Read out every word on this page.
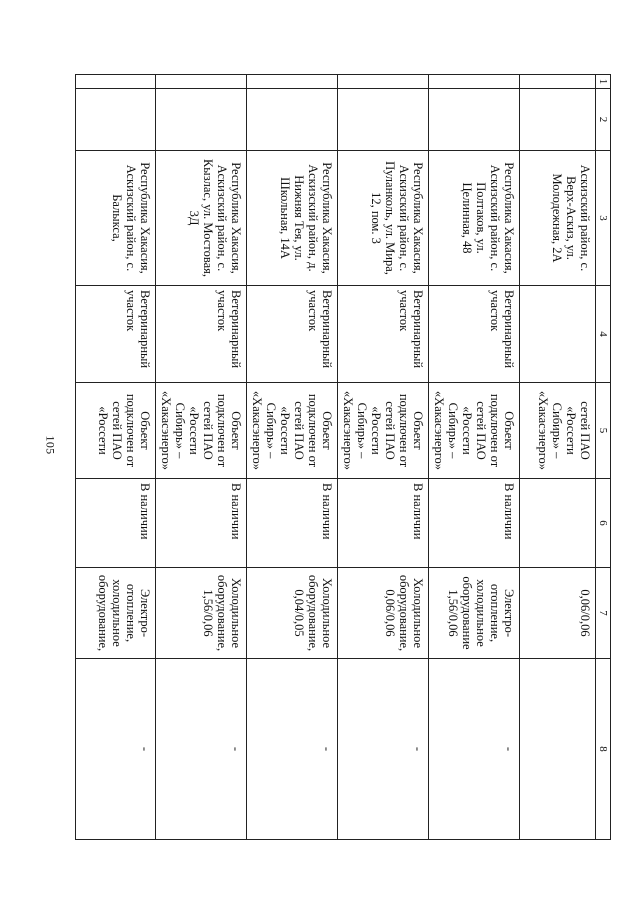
105
1	2	3	4	5	6	7	8
		Аскизский район, с. Верх-Аскиз, ул. Молодежная, 2А		сетей ПАО «Россети Сибирь» – «Хакасэнерго»		0,06/0,06	
		Республика Хакасия, Аскизский район, с. Полтаков, ул. Целинная, 48	Ветеринарный участок	Объект подключен от сетей ПАО «Россети Сибирь» – «Хакасэнерго»	В наличии	Электро-отопление, холодильное оборудование 1,56/0,06	-
		Республика Хакасия, Аскизский район, с. Пуланколь, ул. Мира, 12, пом. 3	Ветеринарный участок	Объект подключен от сетей ПАО «Россети Сибирь» – «Хакасэнерго»	В наличии	Холодильное оборудование, 0,06/0,06	-
		Республика Хакасия, Аскизский район, д. Нижняя Тея, ул. Школьная, 14А	Ветеринарный участок	Объект подключен от сетей ПАО «Россети Сибирь» – «Хакасэнерго»	В наличии	Холодильное оборудование, 0,04/0,05	-
		Республика Хакасия, Аскизский район, с. Кызлас, ул. Мостовая, 3Д	Ветеринарный участок	Объект подключен от сетей ПАО «Россети Сибирь» – «Хакасэнерго»	В наличии	Холодильное оборудование, 1,56/0,06	-
		Республика Хакасия, Аскизский район, с. Балыкса,	Ветеринарный участок	Объект подключен от сетей ПАО «Россети	В наличии	Электро-отопление, холодильное оборудование,	-
